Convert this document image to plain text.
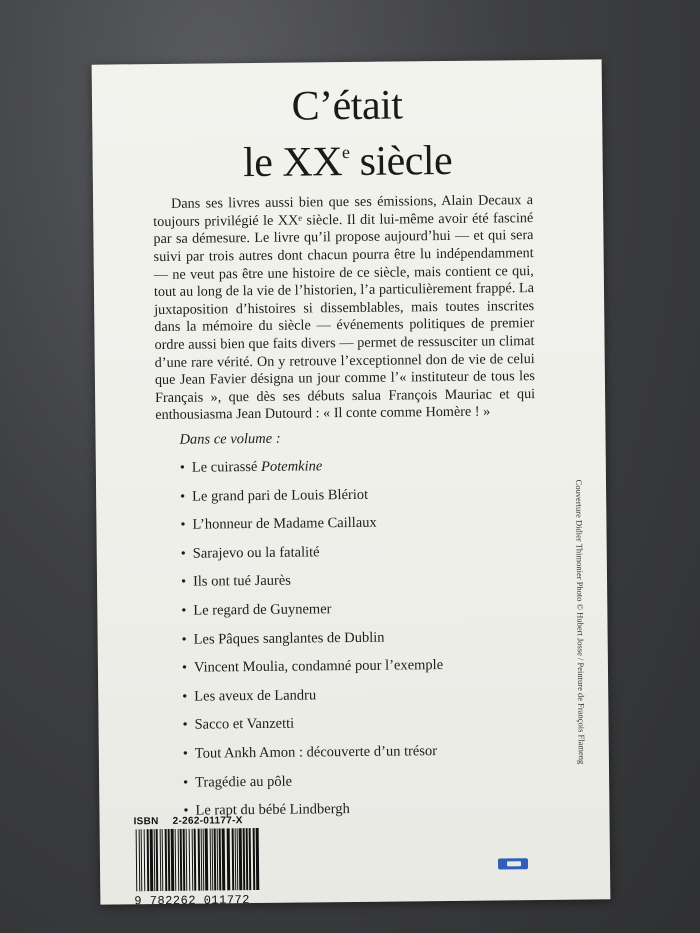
C’était
le XXe siècle

Dans ses livres aussi bien que ses émissions, Alain Decaux a toujours privilégié le XXᵉ siècle. Il dit lui-même avoir été fasciné par sa démesure. Le livre qu’il propose aujourd’hui — et qui sera suivi par trois autres dont chacun pourra être lu indépendamment — ne veut pas être une histoire de ce siècle, mais contient ce qui, tout au long de la vie de l’historien, l’a particulièrement frappé. La juxtaposition d’histoires si dissemblables, mais toutes inscrites dans la mémoire du siècle — événements politiques de premier ordre aussi bien que faits divers — permet de ressusciter un climat d’une rare vérité. On y retrouve l’exceptionnel don de vie de celui que Jean Favier désigna un jour comme l’« instituteur de tous les Français », que dès ses débuts salua François Mauriac et qui enthousiasma Jean Dutourd : « Il conte comme Homère ! »

Dans ce volume :
• Le cuirassé Potemkine
• Le grand pari de Louis Blériot
• L’honneur de Madame Caillaux
• Sarajevo ou la fatalité
• Ils ont tué Jaurès
• Le regard de Guynemer
• Les Pâques sanglantes de Dublin
• Vincent Moulia, condamné pour l’exemple
• Les aveux de Landru
• Sacco et Vanzetti
• Tout Ankh Amon : découverte d’un trésor
• Tragédie au pôle
• Le rapt du bébé Lindbergh
Couverture Didier Thimonier Photo © Hubert Josse / Peinture de François Flameng
ISBN 2-262-01177-X
9 782262 011772
